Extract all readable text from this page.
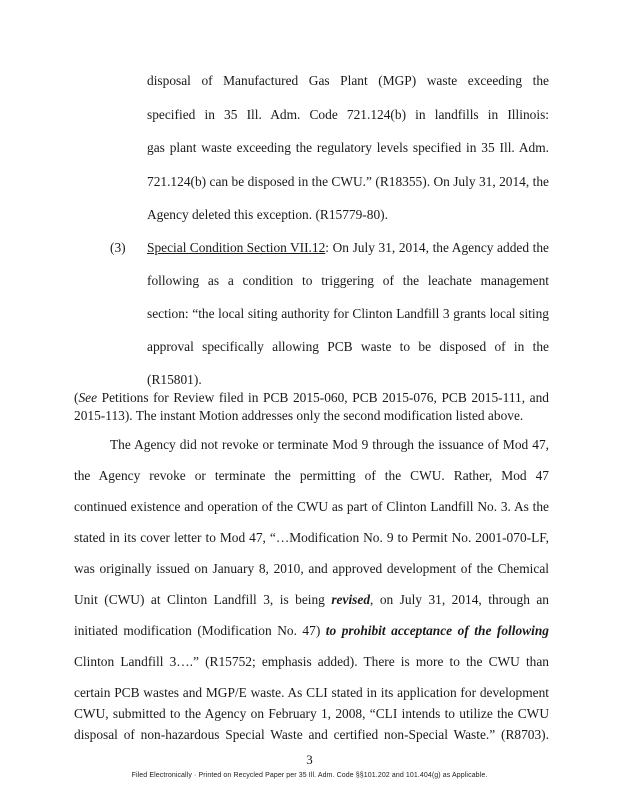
disposal of Manufactured Gas Plant (MGP) waste exceeding the
specified in 35 Ill. Adm. Code 721.124(b) in landfills in Illinois:
gas plant waste exceeding the regulatory levels specified in 35 Ill. Adm.
721.124(b) can be disposed in the CWU.” (R18355). On July 31, 2014, the
Agency deleted this exception. (R15779-80).
(3) Special Condition Section VII.12 : On July 31, 2014, the Agency added the
following as a condition to triggering of the leachate management
section: “the local siting authority for Clinton Landfill 3 grants local siting
approval specifically allowing PCB waste to be disposed of in the
(R15801).
(See Petitions for Review filed in PCB 2015-060, PCB 2015-076, PCB 2015-111, and
2015-113). The instant Motion addresses only the second modification listed above.
The Agency did not revoke or terminate Mod 9 through the issuance of Mod 47,
the Agency revoke or terminate the permitting of the CWU. Rather, Mod 47
continued existence and operation of the CWU as part of Clinton Landfill No. 3. As the
stated in its cover letter to Mod 47, “…Modification No. 9 to Permit No. 2001-070-LF,
was originally issued on January 8, 2010, and approved development of the Chemical
Unit (CWU) at Clinton Landfill 3, is being revised, on July 31, 2014, through an
initiated modification (Modification No. 47) to prohibit acceptance of the following
Clinton Landfill 3….” (R15752; emphasis added). There is more to the CWU than
3
Filed Electronically · Printed on Recycled Paper per 35 Ill. Adm. Code §§101.202 and 101.404(g) as Applicable.
certain PCB wastes and MGP/E waste. As CLI stated in its application for development
CWU, submitted to the Agency on February 1, 2008, “CLI intends to utilize the CWU
disposal of non-hazardous Special Waste and certified non-Special Waste.” (R8703).
